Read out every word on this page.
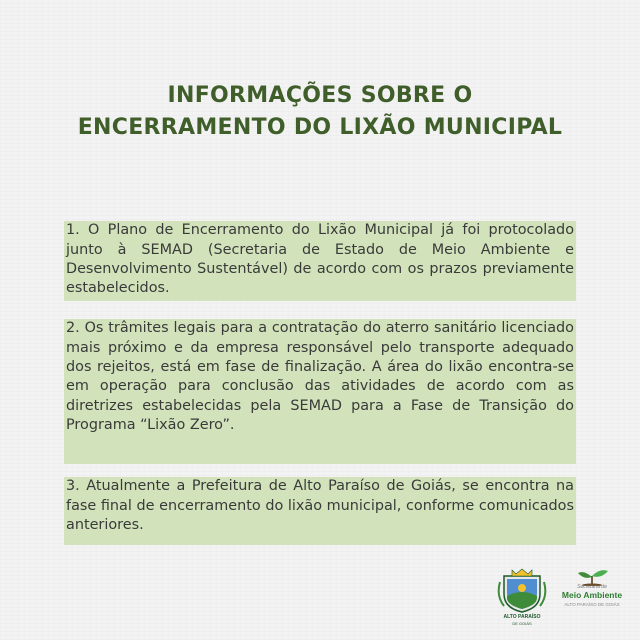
INFORMAÇÕES SOBRE O
ENCERRAMENTO DO LIXÃO MUNICIPAL

1. O Plano de Encerramento do Lixão Municipal já foi protocolado junto à SEMAD (Secretaria de Estado de Meio Ambiente e Desenvolvimento Sustentável) de acordo com os prazos previamente estabelecidos.

2. Os trâmites legais para a contratação do aterro sanitário licenciado mais próximo e da empresa responsável pelo transporte adequado dos rejeitos, está em fase de finalização. A área do lixão encontra-se em operação para conclusão das atividades de acordo com as diretrizes estabelecidas pela SEMAD para a Fase de Transição do Programa “Lixão Zero”.

3. Atualmente a Prefeitura de Alto Paraíso de Goiás, se encontra na fase final de encerramento do lixão municipal, conforme comunicados anteriores.

ALTO PARAÍSO
DE GOIÁS
Secretaria de
Meio Ambiente
ALTO PARAÍSO DE GOIÁS
